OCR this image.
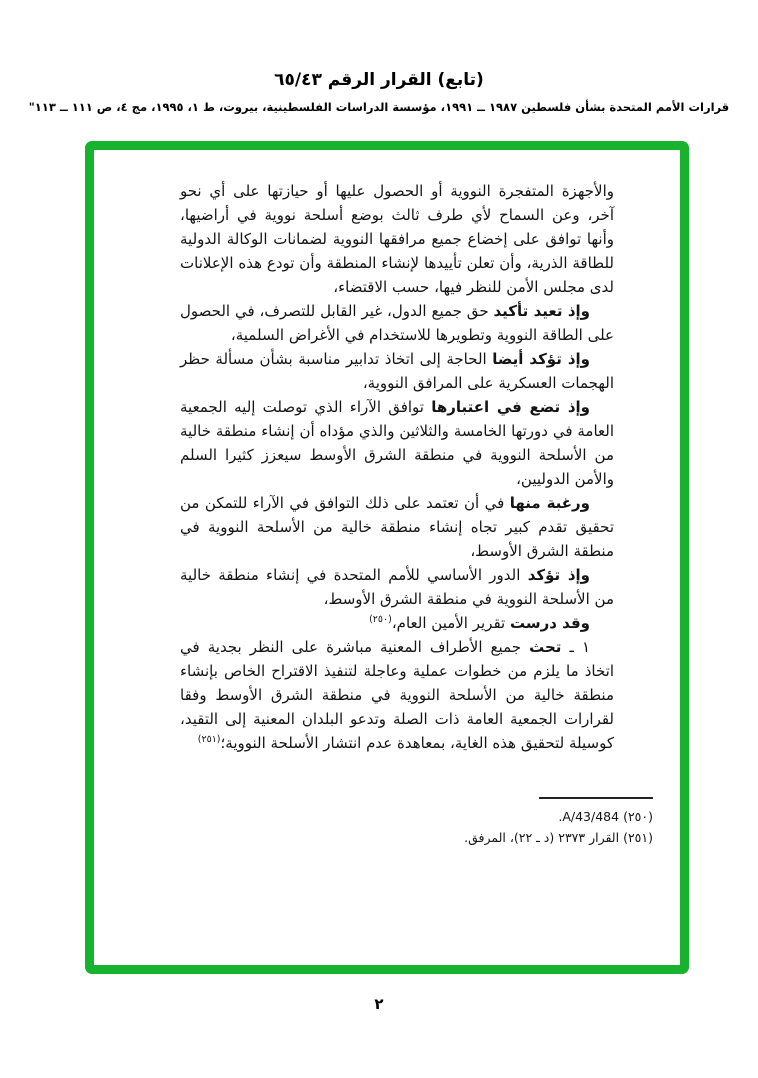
(تابع) القرار الرقم ٦٥/٤٣
قرارات الأمم المتحدة بشأن فلسطين ١٩٨٧ ــ ١٩٩١، مؤسسة الدراسات الفلسطينية، بيروت، ط ١، ١٩٩٥، مج ٤، ص ١١١ ــ ١١٣"

والأجهزة المتفجرة النووية أو الحصول عليها أو حيازتها على أي نحو آخر، وعن السماح لأي طرف ثالث بوضع أسلحة نووية في أراضيها، وأنها توافق على إخضاع جميع مرافقها النووية لضمانات الوكالة الدولية للطاقة الذرية، وأن تعلن تأييدها لإنشاء المنطقة وأن تودع هذه الإعلانات لدى مجلس الأمن للنظر فيها، حسب الاقتضاء،

وإذ تعيد تأكيد حق جميع الدول، غير القابل للتصرف، في الحصول على الطاقة النووية وتطويرها للاستخدام في الأغراض السلمية،

وإذ تؤكد أيضا الحاجة إلى اتخاذ تدابير مناسبة بشأن مسألة حظر الهجمات العسكرية على المرافق النووية،

وإذ تضع في اعتبارها توافق الآراء الذي توصلت إليه الجمعية العامة في دورتها الخامسة والثلاثين والذي مؤداه أن إنشاء منطقة خالية من الأسلحة النووية في منطقة الشرق الأوسط سيعزز كثيرا السلم والأمن الدوليين،

ورغبة منها في أن تعتمد على ذلك التوافق في الآراء للتمكن من تحقيق تقدم كبير تجاه إنشاء منطقة خالية من الأسلحة النووية في منطقة الشرق الأوسط،

وإذ تؤكد الدور الأساسي للأمم المتحدة في إنشاء منطقة خالية من الأسلحة النووية في منطقة الشرق الأوسط،

وقد درست تقرير الأمين العام،$^{(٢٥٠)}$

١ ـ تحث جميع الأطراف المعنية مباشرة على النظر بجدية في اتخاذ ما يلزم من خطوات عملية وعاجلة لتنفيذ الاقتراح الخاص بإنشاء منطقة خالية من الأسلحة النووية في منطقة الشرق الأوسط وفقا لقرارات الجمعية العامة ذات الصلة وتدعو البلدان المعنية إلى التقيد، كوسيلة لتحقيق هذه الغاية، بمعاهدة عدم انتشار الأسلحة النووية؛$^{(٢٥١)}$

(٢٥٠) A/43/484.
(٢٥١) القرار ٢٣٧٣ (د ـ ٢٢)، المرفق.
٢
